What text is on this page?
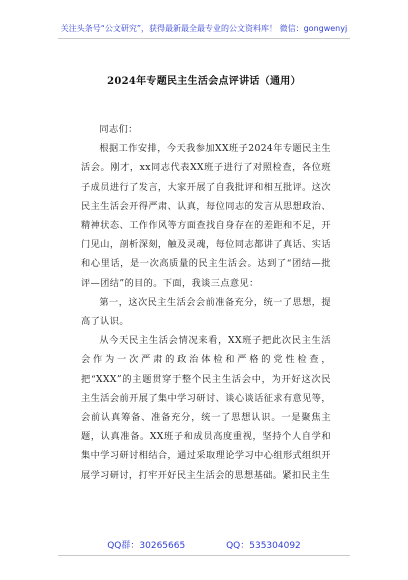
关注头条号“公文研究”，获得最新最全最专业的公文资料库！ 微信：gongwenyj
2024年专题民主生活会点评讲话（通用）

同志们：

根据工作安排，今天我参加XX班子2024年专题民主生活会。刚才，xx同志代表XX班子进行了对照检查，各位班子成员进行了发言，大家开展了自我批评和相互批评。这次民主生活会开得严肃、认真，每位同志的发言从思想政治、精神状态、工作作风等方面查找自身存在的差距和不足，开门见山，剖析深刻，触及灵魂，每位同志都讲了真话、实话和心里话，是一次高质量的民主生活会。达到了“团结—批评—团结”的目的。下面，我谈三点意见：

第一，这次民主生活会会前准备充分，统一了思想，提高了认识。

从今天民主生活会情况来看，XX班子把此次民主生活会作为一次严肃的政治体检和严格的党性检查，把“XXX”的主题贯穿于整个民主生活会中，为开好这次民主生活会前开展了集中学习研讨、谈心谈话征求有意见等，会前认真筹备、准备充分，统一了思想认识。一是聚焦主题，认真准备。XX班子和成员高度重视，坚持个人自学和集中学习研讨相结合，通过采取理论学习中心组形式组织开展学习研讨，打牢开好民主生活会的思想基础。紧扣民主生

QQ群：30265665	QQ：535304092
